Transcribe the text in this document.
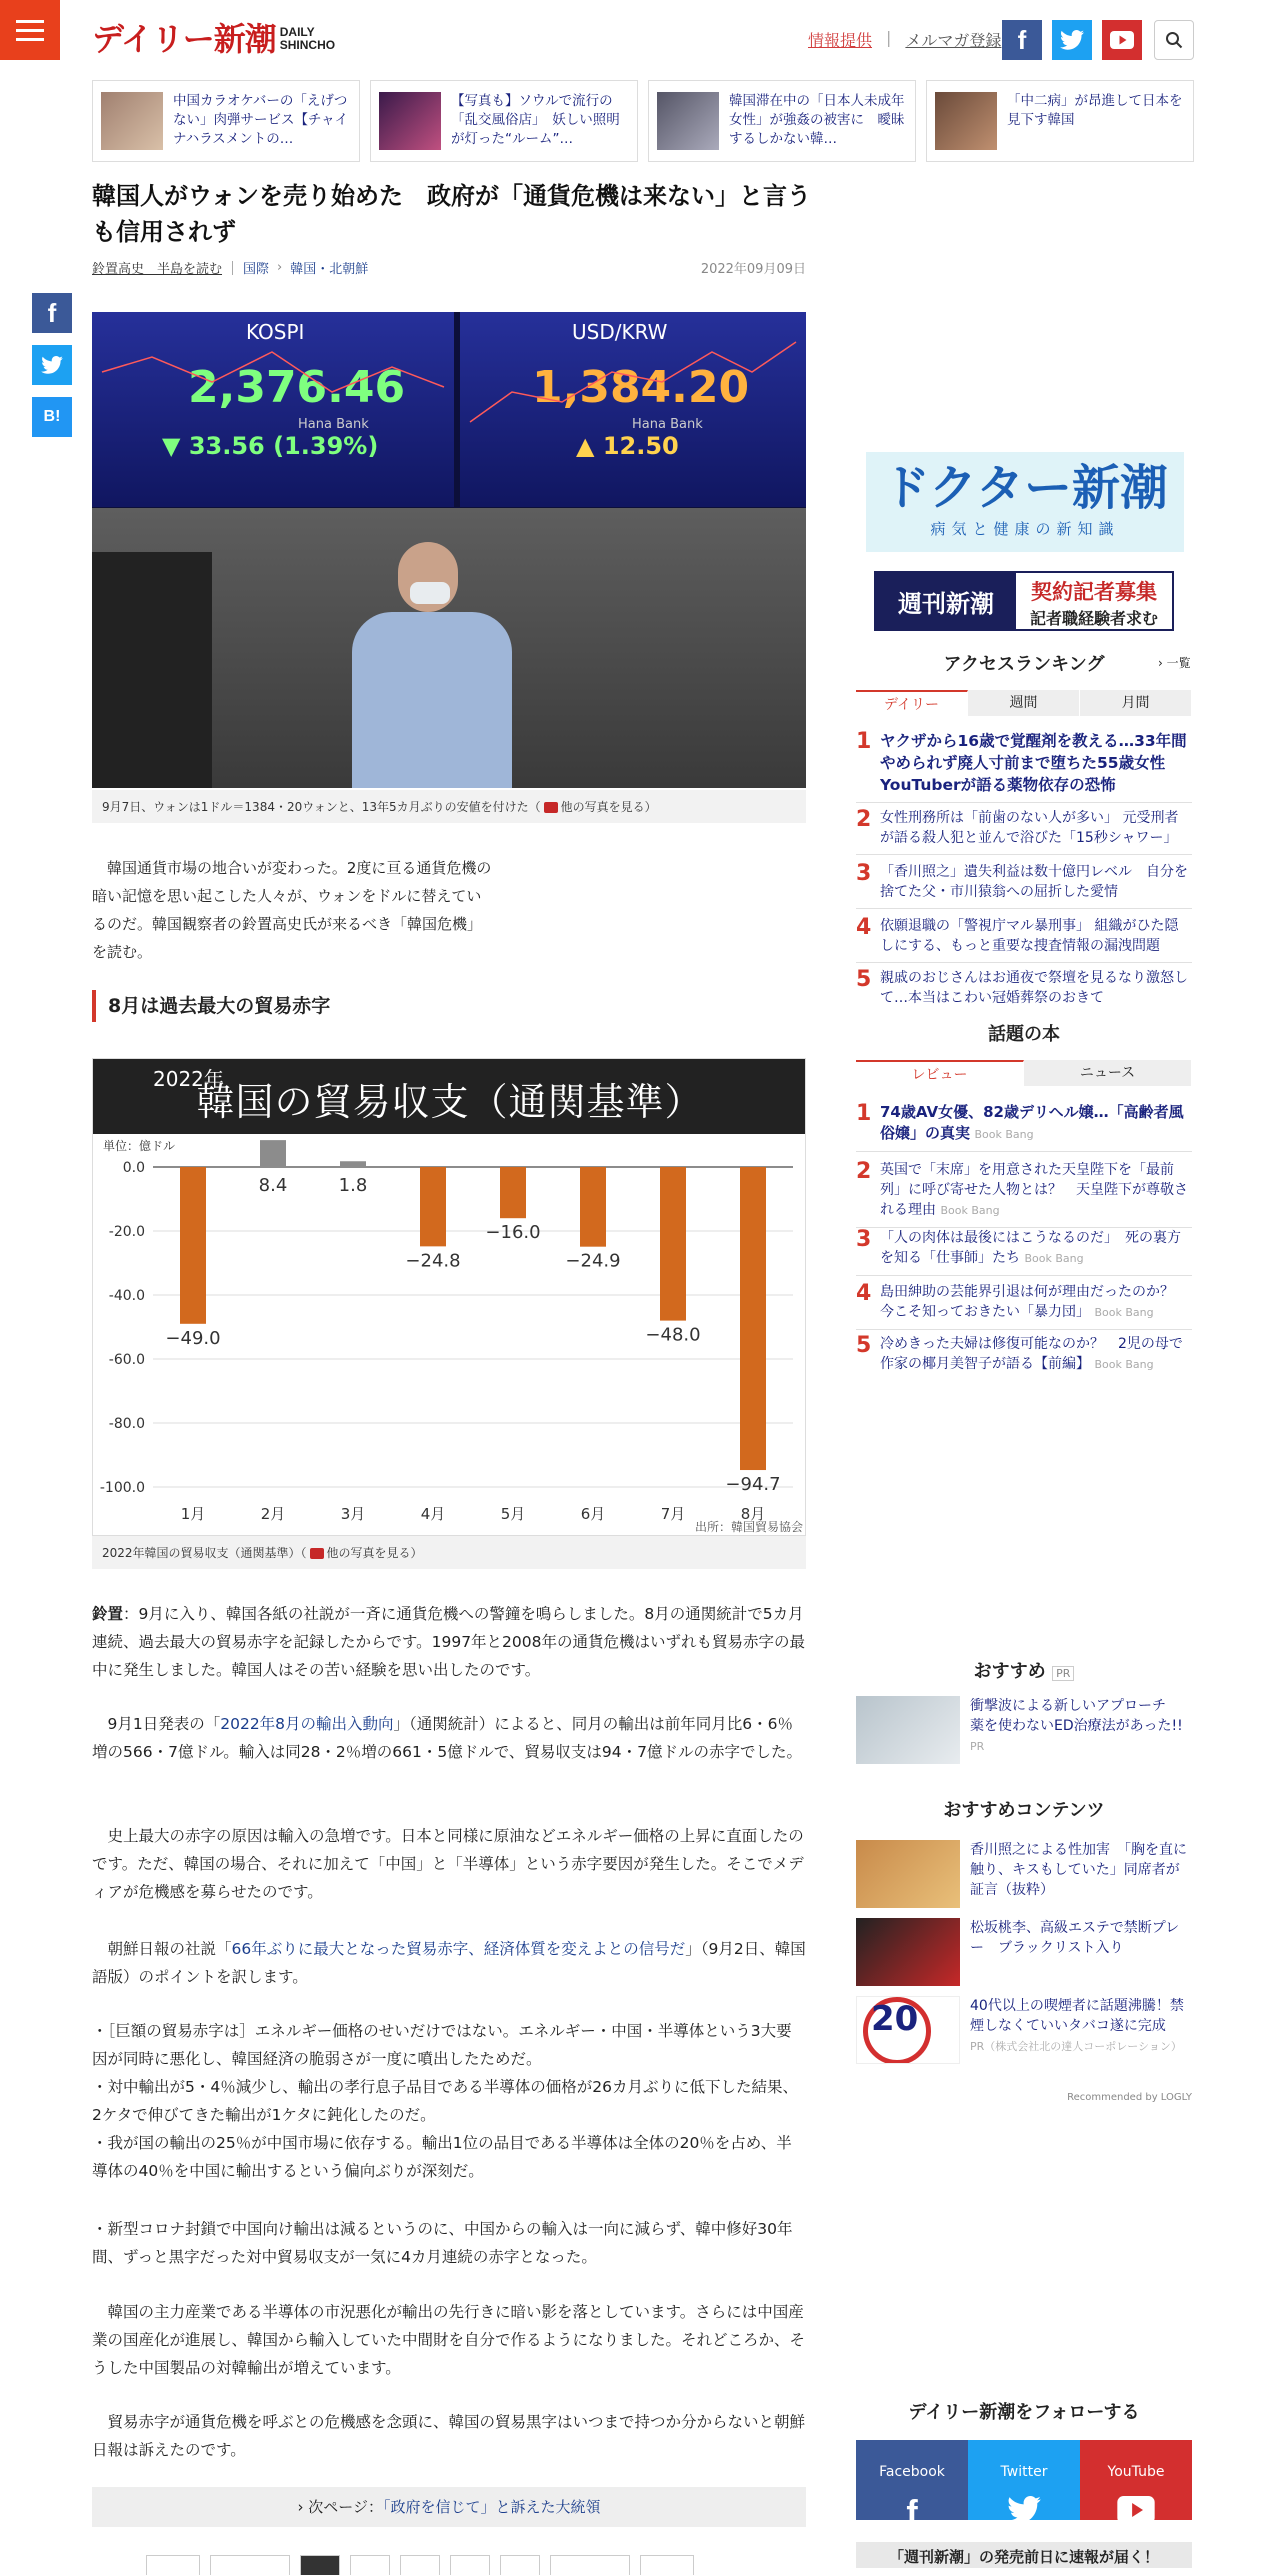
デイリー新潮 DAILY
SHINCHO	情報提供 | メルマガ登録 f
中国カラオケバーの「えげつない」肉弾サービス【チャイナハラスメントの…
【写真も】ソウルで流行の「乱交風俗店」　妖しい照明が灯った“ルーム”…
韓国滞在中の「日本人未成年女性」が強姦の被害に　曖昧するしかない韓…
「中二病」が昂進して日本を見下す韓国
韓国人がウォンを売り始めた　政府が「通貨危機は来ない」と言うも信用されず
鈴置高史　半島を読む 国際 › 韓国・北朝鮮	2022年09月09日
f
B!
KOSPI
2,376.46
Hana Bank
▼ 33.56 (1.39%)
USD/KRW
1,384.20
Hana Bank
▲ 12.50
9月7日、ウォンは1ドル＝1384・20ウォンと、13年5カ月ぶりの安値を付けた（ 他の写真を見る）
韓国通貨市場の地合いが変わった。2度に亘る通貨危機の暗い記憶を思い起こした人々が、ウォンをドルに替えているのだ。韓国観察者の鈴置高史氏が来るべき「韓国危機」を読む。
8月は過去最大の貿易赤字
2022年
韓国の貿易収支（通関基準）
単位：億ドル
0.0
-20.0
-40.0
-60.0
-80.0
-100.0
−49.0
1月
8.4
2月
1.8
3月
−24.8
4月
−16.0
5月
−24.9
6月
−48.0
7月
−94.7
8月
出所：韓国貿易協会
2022年韓国の貿易収支（通関基準）（ 他の写真を見る）
鈴置：9月に入り、韓国各紙の社説が一斉に通貨危機への警鐘を鳴らしました。8月の通関統計で5カ月連続、過去最大の貿易赤字を記録したからです。1997年と2008年の通貨危機はいずれも貿易赤字の最中に発生しました。韓国人はその苦い経験を思い出したのです。
9月1日発表の「2022年8月の輸出入動向」（通関統計）によると、同月の輸出は前年同月比6・6％増の566・7億ドル。輸入は同28・2％増の661・5億ドルで、貿易収支は94・7億ドルの赤字でした。
史上最大の赤字の原因は輸入の急増です。日本と同様に原油などエネルギー価格の上昇に直面したのです。ただ、韓国の場合、それに加えて「中国」と「半導体」という赤字要因が発生した。そこでメディアが危機感を募らせたのです。
朝鮮日報の社説「66年ぶりに最大となった貿易赤字、経済体質を変えよとの信号だ」（9月2日、韓国語版）のポイントを訳します。
・［巨額の貿易赤字は］エネルギー価格のせいだけではない。エネルギー・中国・半導体という3大要因が同時に悪化し、韓国経済の脆弱さが一度に噴出したためだ。
・対中輸出が5・4％減少し、輸出の孝行息子品目である半導体の価格が26カ月ぶりに低下した結果、2ケタで伸びてきた輸出が1ケタに鈍化したのだ。
・我が国の輸出の25％が中国市場に依存する。輸出1位の品目である半導体は全体の20％を占め、半導体の40％を中国に輸出するという偏向ぶりが深刻だ。
・新型コロナ封鎖で中国向け輸出は減るというのに、中国からの輸入は一向に減らず、韓中修好30年間、ずっと黒字だった対中貿易収支が一気に4カ月連続の赤字となった。
韓国の主力産業である半導体の市況悪化が輸出の先行きに暗い影を落としています。さらには中国産業の国産化が進展し、韓国から輸入していた中間財を自分で作るようになりました。それどころか、そうした中国製品の対韓輸出が増えています。
貿易赤字が通貨危機を呼ぶとの危機感を念頭に、韓国の貿易黒字はいつまで持つか分からないと朝鮮日報は訴えたのです。
› 次ページ：「政府を信じて」と訴えた大統領
ドクター新潮
病気と健康の新知識
週刊新潮	契約記者募集
記者職経験者求む
アクセスランキング	› 一覧
デイリー	週間	月間
1 ヤクザから16歳で覚醒剤を教える…33年間やめられず廃人寸前まで堕ちた55歳女性YouTuberが語る薬物依存の恐怖
2 女性刑務所は「前歯のない人が多い」 元受刑者が語る殺人犯と並んで浴びた「15秒シャワー」
3 「香川照之」遺失利益は数十億円レベル　自分を捨てた父・市川猿翁への屈折した愛情
4 依願退職の「警視庁マル暴刑事」 組織がひた隠しにする、もっと重要な捜査情報の漏洩問題
5 親戚のおじさんはお通夜で祭壇を見るなり激怒して…本当はこわい冠婚葬祭のおきて
話題の本
レビュー	ニュース
1 74歳AV女優、82歳デリヘル嬢…「高齢者風俗嬢」の真実 Book Bang
2 英国で「末席」を用意された天皇陛下を「最前列」に呼び寄せた人物とは？　天皇陛下が尊敬される理由 Book Bang
3 「人の肉体は最後にはこうなるのだ」　死の裏方を知る「仕事師」たち Book Bang
4 島田紳助の芸能界引退は何が理由だったのか？ 今こそ知っておきたい「暴力団」 Book Bang
5 冷めきった夫婦は修復可能なのか？　2児の母で作家の椰月美智子が語る【前編】 Book Bang
おすすめ PR
衝撃波による新しいアプローチ　薬を使わないED治療法があった!! PR
おすすめコンテンツ
香川照之による性加害　「胸を直に触り、キスもしていた」同席者が証言（抜粋）
松坂桃李、高級エステで禁断プレー　ブラックリスト入り
20	40代以上の喫煙者に話題沸騰！禁煙しなくていいタバコ遂に完成
PR（株式会社北の達人コーポレーション）
Recommended by LOGLY
デイリー新潮をフォローする
Facebook
f
Twitter	YouTube
「週刊新潮」の発売前日に速報が届く！
